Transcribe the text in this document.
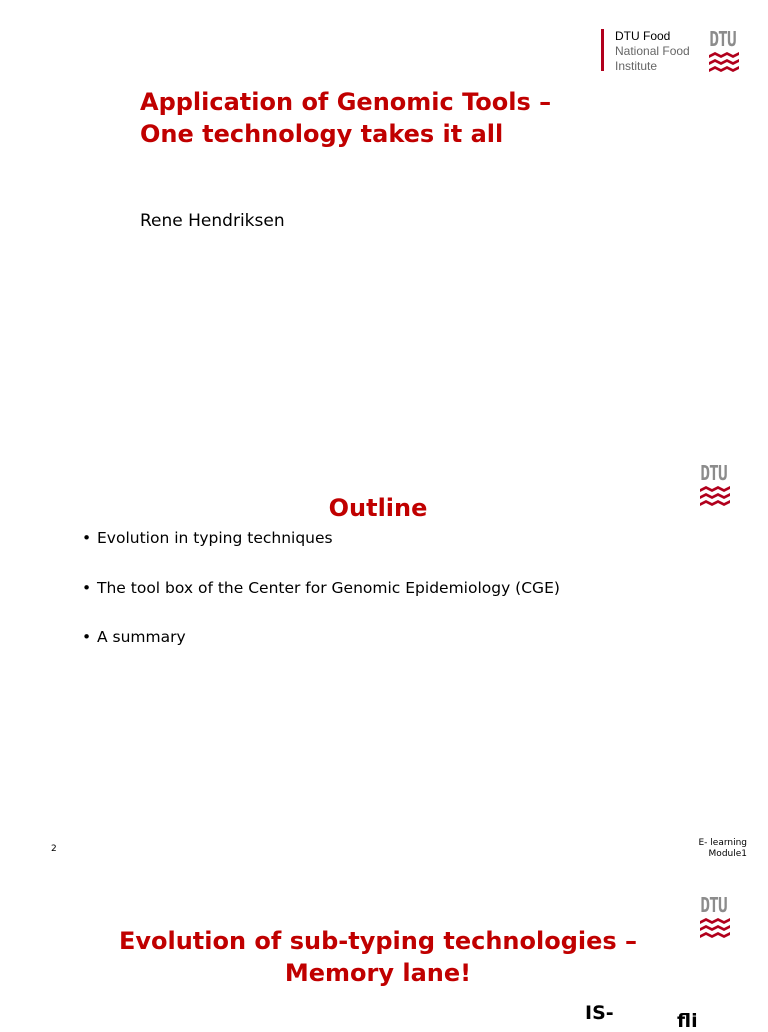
DTU Food
National Food
Institute
DTU
Application of Genomic Tools –
One technology takes it all

Rene Hendriksen

DTU
Outline
• Evolution in typing techniques
• The tool box of the Center for Genomic Epidemiology (CGE)
• A summary
2
E- learning
Module1
DTU
Evolution of sub-typing technologies –
Memory lane!
IS-	fli
